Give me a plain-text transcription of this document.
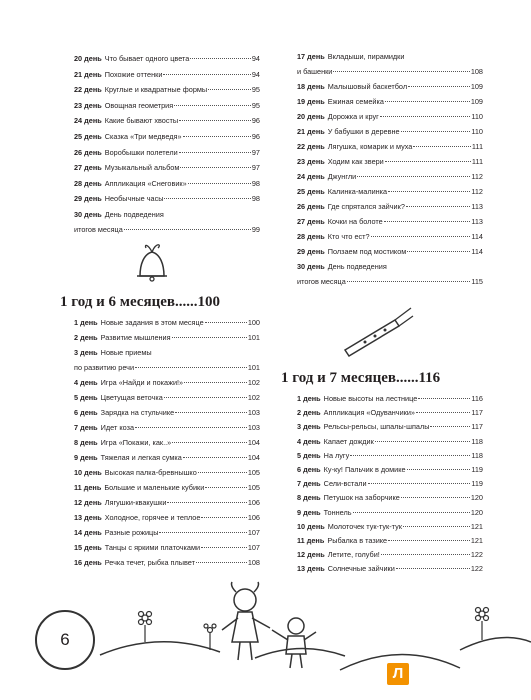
20 день Что бывает одного цвета	94
21 день Похожие оттенки	94
22 день Круглые и квадратные формы	95
23 день Овощная геометрия	95
24 день Какие бывают хвосты	96
25 день Сказка «Три медведя»	96
26 день Воробышки полетели	97
27 день Музыкальный альбом	97
28 день Аппликация «Снеговик»	98
29 день Необычные часы	98
30 день День подведения
итогов месяца	99
1 день Новые задания в этом месяце	100
2 день Развитие мышления	101
3 день Новые приемы
по развитию речи	101
4 день Игра «Найди и покажи!»	102
5 день Цветущая веточка	102
6 день Зарядка на стульчике	103
7 день Идет коза	103
8 день Игра «Покажи, как..»	104
9 день Тяжелая и легкая сумка	104
10 день Высокая палка-бревнышко	105
11 день Большие и маленькие кубики	105
12 день Лягушки-квакушки	106
13 день Холодное, горячее и теплое	106
14 день Разные рожицы	107
15 день Танцы с яркими платочками	107
16 день Речка течет, рыбка плывет	108
17 день Вкладыши, пирамидки
и башенки	108
18 день Малышовый баскетбол	109
19 день Ежиная семейка	109
20 день Дорожка и круг	110
21 день У бабушки в деревне	110
22 день Лягушка, комарик и муха	111
23 день Ходим как звери	111
24 день Джунгли	112
25 день Калинка-малинка	112
26 день Где спрятался зайчик?	113
27 день Кочки на болоте	113
28 день Кто что ест?	114
29 день Ползаем под мостиком	114
30 день День подведения
итогов месяца	115
1 день Новые высоты на лестнице	116
2 день Аппликация «Одуванчики»	117
3 день Рельсы-рельсы, шпалы-шпалы	117
4 день Капает дождик	118
5 день На лугу	118
6 день Ку-ку! Пальчик в домике	119
7 день Сели-встали	119
8 день Петушок на заборчике	120
9 день Тоннель	120
10 день Молоточек тук-тук-тук	121
11 день Рыбалка в тазике	121
12 день Летите, голуби!	122
13 день Солнечные зайчики	122
1 год и 6 месяцев......100
1 год и 7 месяцев......116
6
Л
